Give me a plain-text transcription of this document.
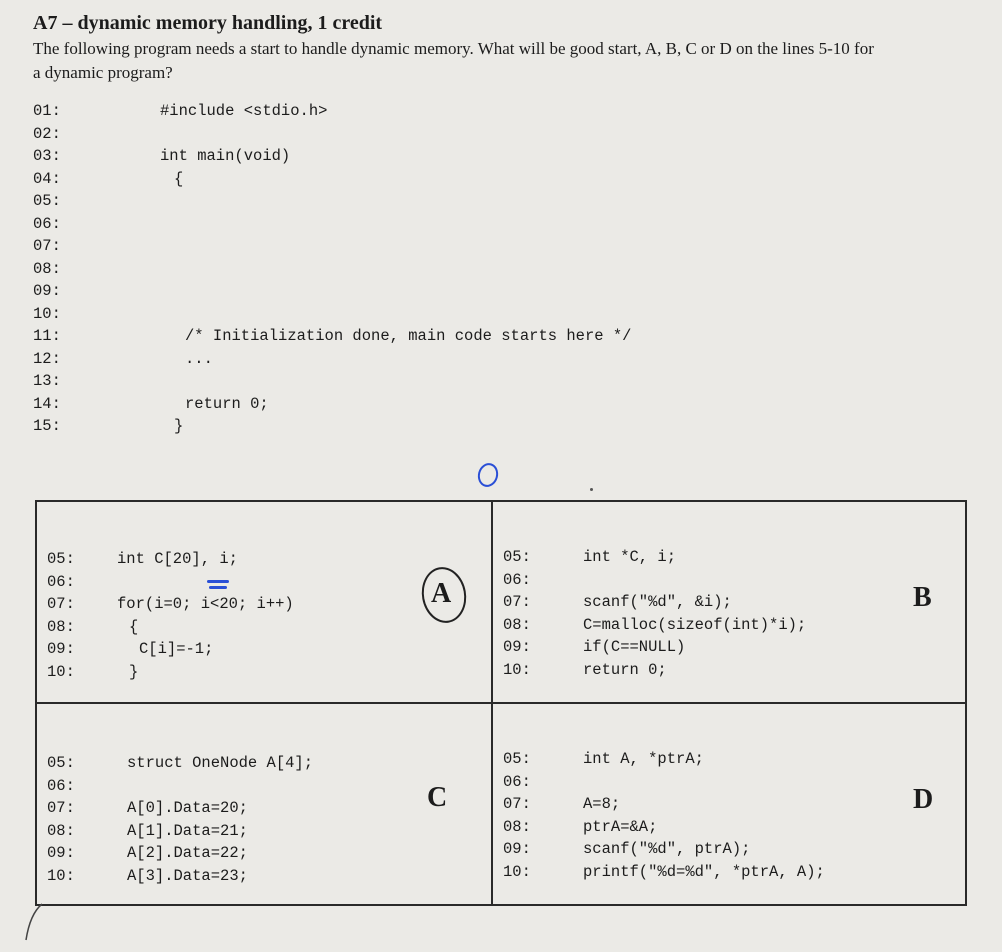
A7 – dynamic memory handling, 1 credit
The following program needs a start to handle dynamic memory. What will be good start, A, B, C or D on the lines 5-10 for a dynamic program?
01:	#include <stdio.h>
02:
03:	int main(void)
04:	{
05:
06:
07:
08:
09:
10:
11:	/* Initialization done, main code starts here */
12:	...
13:
14:	return 0;
15:	}
05:	int C[20], i;
06:
07:	for(i=0; i<20; i++)
08:	{
09:	C[i]=-1;
10:	}
A
05:	int *C, i;
06:
07:	scanf("%d", &i);
08:	C=malloc(sizeof(int)*i);
09:	if(C==NULL)
10:	return 0;
B
05:	struct OneNode A[4];
06:
07:	A[0].Data=20;
08:	A[1].Data=21;
09:	A[2].Data=22;
10:	A[3].Data=23;
C
05:	int A, *ptrA;
06:
07:	A=8;
08:	ptrA=&A;
09:	scanf("%d", ptrA);
10:	printf("%d=%d", *ptrA, A);
D
